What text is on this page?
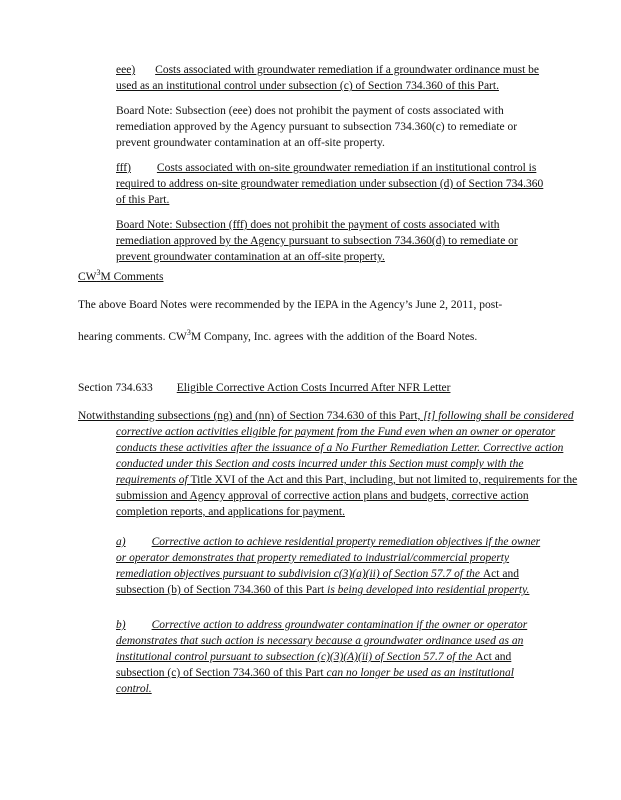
eee) Costs associated with groundwater remediation if a groundwater ordinance must be used as an institutional control under subsection (c) of Section 734.360 of this Part.

Board Note: Subsection (eee) does not prohibit the payment of costs associated with remediation approved by the Agency pursuant to subsection 734.360(c) to remediate or prevent groundwater contamination at an off-site property.

fff) Costs associated with on-site groundwater remediation if an institutional control is required to address on-site groundwater remediation under subsection (d) of Section 734.360 of this Part.

Board Note: Subsection (fff) does not prohibit the payment of costs associated with remediation approved by the Agency pursuant to subsection 734.360(d) to remediate or prevent groundwater contamination at an off-site property.

$CW^3M$ Comments

The above Board Notes were recommended by the IEPA in the Agency’s June 2, 2011, post-

hearing comments. $CW^3M$ Company, Inc. agrees with the addition of the Board Notes.

Section 734.633 Eligible Corrective Action Costs Incurred After NFR Letter

Notwithstanding subsections (ng) and (nn) of Section 734.630 of this Part, [t] following shall be considered corrective action activities eligible for payment from the Fund even when an owner or operator conducts these activities after the issuance of a No Further Remediation Letter. Corrective action conducted under this Section and costs incurred under this Section must comply with the requirements of Title XVI of the Act and this Part, including, but not limited to, requirements for the submission and Agency approval of corrective action plans and budgets, corrective action completion reports, and applications for payment.

a) Corrective action to achieve residential property remediation objectives if the owner or operator demonstrates that property remediated to industrial/commercial property remediation objectives pursuant to subdivision c(3)(a)(ii) of Section 57.7 of the Act and subsection (b) of Section 734.360 of this Part is being developed into residential property.

b) Corrective action to address groundwater contamination if the owner or operator demonstrates that such action is necessary because a groundwater ordinance used as an institutional control pursuant to subsection (c)(3)(A)(ii) of Section 57.7 of the Act and subsection (c) of Section 734.360 of this Part can no longer be used as an institutional control.
